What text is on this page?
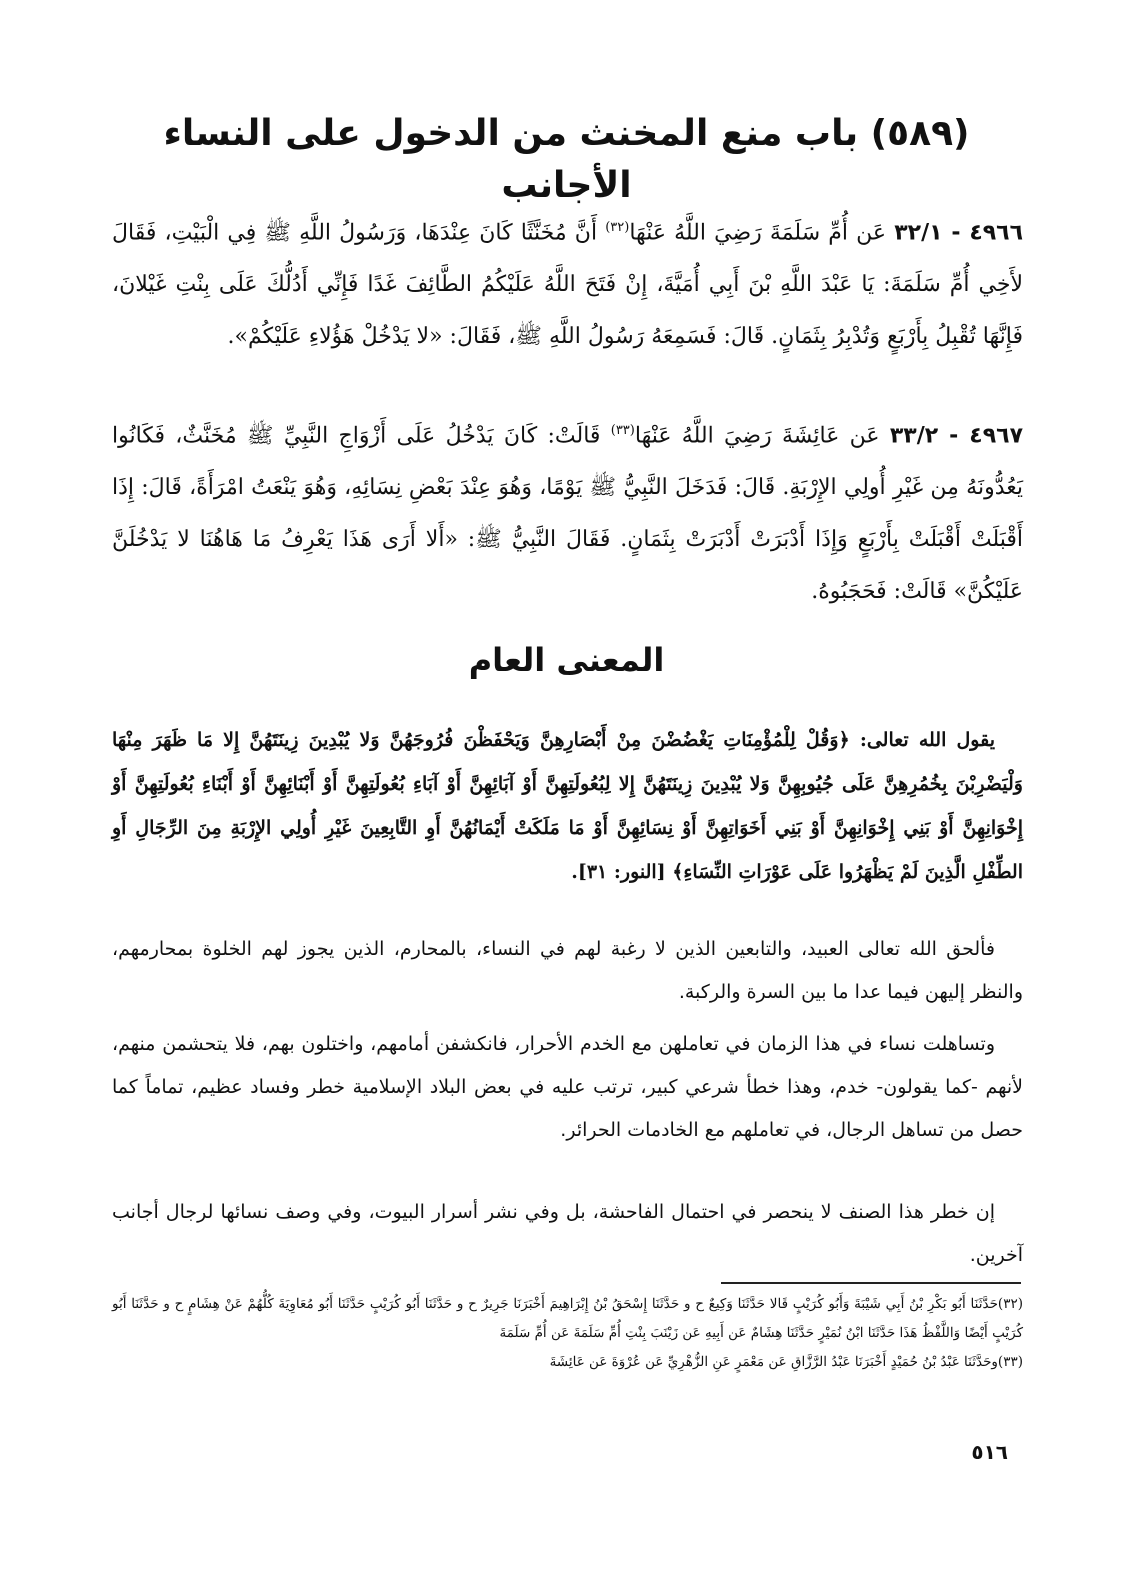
(٥٨٩) باب منع المخنث من الدخول على النساء الأجانب

٤٩٦٦ - ٣٢/١ عَن أُمِّ سَلَمَةَ رَضِيَ اللَّهُ عَنْهَا$^{(٣٢)}$ أَنَّ مُخَنَّثًا كَانَ عِنْدَهَا، وَرَسُولُ اللَّهِ ﷺ فِي الْبَيْتِ، فَقَالَ لأَخِي أُمِّ سَلَمَةَ: يَا عَبْدَ اللَّهِ بْنَ أَبِي أُمَيَّةَ، إِنْ فَتَحَ اللَّهُ عَلَيْكُمُ الطَّائِفَ غَدًا فَإِنِّي أَدُلُّكَ عَلَى بِنْتِ غَيْلانَ، فَإِنَّهَا تُقْبِلُ بِأَرْبَعٍ وَتُدْبِرُ بِثَمَانٍ. قَالَ: فَسَمِعَهُ رَسُولُ اللَّهِ ﷺ، فَقَالَ: «لا يَدْخُلْ هَؤُلاءِ عَلَيْكُمْ».

٤٩٦٧ - ٣٣/٢ عَن عَائِشَةَ رَضِيَ اللَّهُ عَنْهَا$^{(٣٣)}$ قَالَتْ: كَانَ يَدْخُلُ عَلَى أَزْوَاجِ النَّبِيِّ ﷺ مُخَنَّثٌ، فَكَانُوا يَعُدُّونَهُ مِن غَيْرِ أُولِي الإِرْبَةِ. قَالَ: فَدَخَلَ النَّبِيُّ ﷺ يَوْمًا، وَهُوَ عِنْدَ بَعْضِ نِسَائِهِ، وَهُوَ يَنْعَتُ امْرَأَةً، قَالَ: إِذَا أَقْبَلَتْ أَقْبَلَتْ بِأَرْبَعٍ وَإِذَا أَدْبَرَتْ أَدْبَرَتْ بِثَمَانٍ. فَقَالَ النَّبِيُّ ﷺ: «أَلا أَرَى هَذَا يَعْرِفُ مَا هَاهُنَا لا يَدْخُلَنَّ عَلَيْكُنَّ» قَالَتْ: فَحَجَبُوهُ.

المعنى العام

يقول الله تعالى: ﴿وَقُلْ لِلْمُؤْمِنَاتِ يَغْضُضْنَ مِنْ أَبْصَارِهِنَّ وَيَحْفَظْنَ فُرُوجَهُنَّ وَلا يُبْدِينَ زِينَتَهُنَّ إِلا مَا ظَهَرَ مِنْهَا وَلْيَضْرِبْنَ بِخُمُرِهِنَّ عَلَى جُيُوبِهِنَّ وَلا يُبْدِينَ زِينَتَهُنَّ إِلا لِبُعُولَتِهِنَّ أَوْ آبَائِهِنَّ أَوْ آبَاءِ بُعُولَتِهِنَّ أَوْ أَبْنَائِهِنَّ أَوْ أَبْنَاءِ بُعُولَتِهِنَّ أَوْ إِخْوَانِهِنَّ أَوْ بَنِي إِخْوَانِهِنَّ أَوْ بَنِي أَخَوَاتِهِنَّ أَوْ نِسَائِهِنَّ أَوْ مَا مَلَكَتْ أَيْمَانُهُنَّ أَوِ التَّابِعِينَ غَيْرِ أُولِي الإِرْبَةِ مِنَ الرِّجَالِ أَوِ الطِّفْلِ الَّذِينَ لَمْ يَظْهَرُوا عَلَى عَوْرَاتِ النِّسَاءِ﴾ [النور: ٣١].

فألحق الله تعالى العبيد، والتابعين الذين لا رغبة لهم في النساء، بالمحارم، الذين يجوز لهم الخلوة بمحارمهم، والنظر إليهن فيما عدا ما بين السرة والركبة.

وتساهلت نساء في هذا الزمان في تعاملهن مع الخدم الأحرار، فانكشفن أمامهم، واختلون بهم، فلا يتحشمن منهم، لأنهم -كما يقولون- خدم، وهذا خطأ شرعي كبير، ترتب عليه في بعض البلاد الإسلامية خطر وفساد عظيم، تماماً كما حصل من تساهل الرجال، في تعاملهم مع الخادمات الحرائر.

إن خطر هذا الصنف لا ينحصر في احتمال الفاحشة، بل وفي نشر أسرار البيوت، وفي وصف نسائها لرجال أجانب آخرين.

(٣٢)حَدَّثَنَا أَبُو بَكْرِ بْنُ أَبِي شَيْبَةَ وَأَبُو كُرَيْبٍ قَالا حَدَّثَنَا وَكِيعٌ ح و حَدَّثَنَا إِسْحَقُ بْنُ إِبْرَاهِيمَ أَخْبَرَنَا جَرِيرٌ ح و حَدَّثَنَا أَبُو كُرَيْبٍ حَدَّثَنَا أَبُو مُعَاوِيَةَ كُلُّهُمْ عَنْ هِشَامٍ ح و حَدَّثَنَا أَبُو كُرَيْبٍ أَيْضًا وَاللَّفْظُ هَذَا حَدَّثَنَا ابْنُ نُمَيْرٍ حَدَّثَنَا هِشَامٌ عَن أَبِيهِ عَن زَيْنَبَ بِنْتِ أُمِّ سَلَمَةَ عَن أُمِّ سَلَمَةَ

(٣٣)وحَدَّثَنَا عَبْدُ بْنُ حُمَيْدٍ أَخْبَرَنَا عَبْدُ الرَّزَّاقِ عَن مَعْمَرٍ عَنِ الزُّهْرِيِّ عَن عُرْوَةَ عَن عَائِشَةَ

٥١٦
